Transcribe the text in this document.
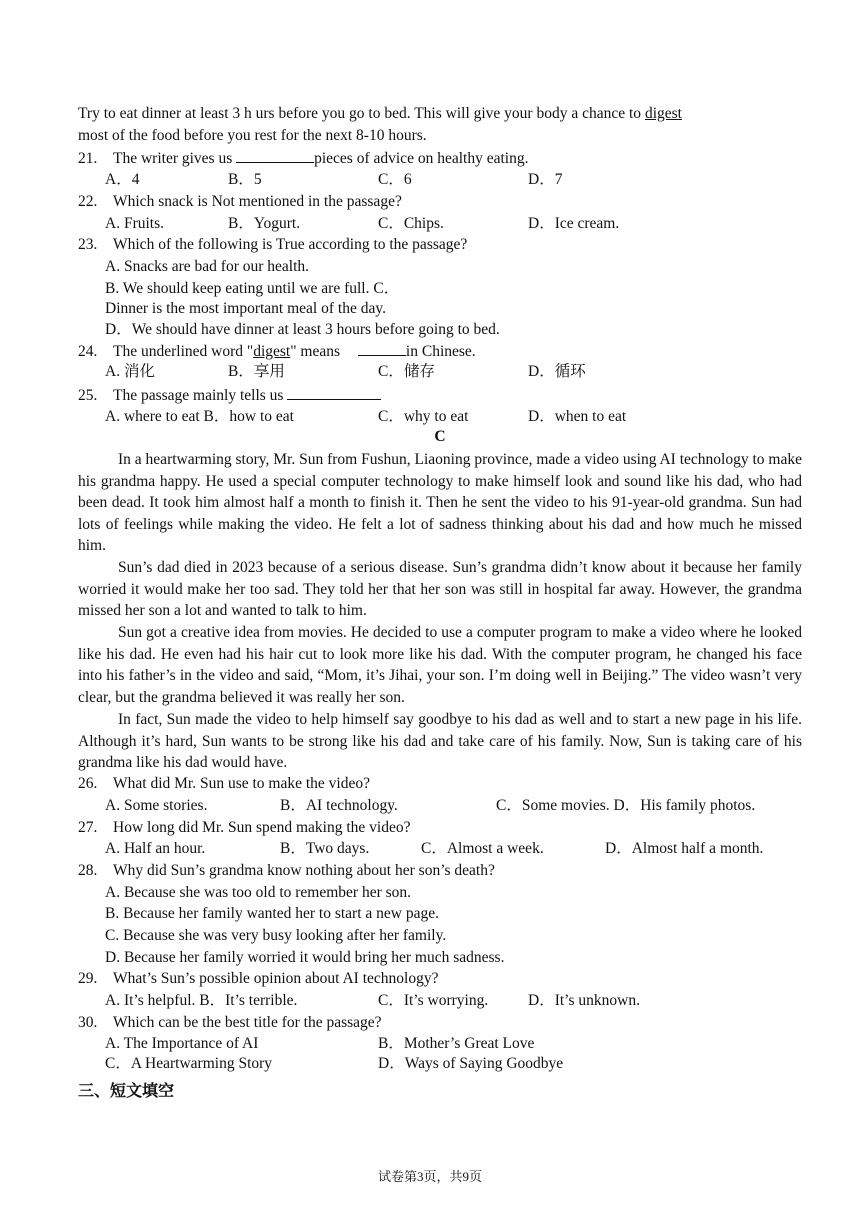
Try to eat dinner at least 3 h urs before you go to bed. This will give your body a chance to digest
most of the food before you rest for the next 8-10 hours.
21. The writer gives us	pieces of advice on healthy eating.
A．4	B．5	C．6	D．7
22. Which snack is Not mentioned in the passage?
A. Fruits.	B．Yogurt.	C．Chips.	D．Ice cream.
23. Which of the following is True according to the passage?
A. Snacks are bad for our health.
B. We should keep eating until we are full. C．
Dinner is the most important meal of the day.
D．We should have dinner at least 3 hours before going to bed.
24. The underlined word "digest" means	in Chinese.
A. 消化	B．享用	C．储存	D．循环
25. The passage mainly tells us
A. where to eat B．how to eat	C．why to eat	D．when to eat
C
In a heartwarming story, Mr. Sun from Fushun, Liaoning province, made a video using AI technology to make his grandma happy. He used a special computer technology to make himself look and sound like his dad, who had been dead. It took him almost half a month to finish it. Then he sent the video to his 91-year-old grandma. Sun had lots of feelings while making the video. He felt a lot of sadness thinking about his dad and how much he missed him.
Sun’s dad died in 2023 because of a serious disease. Sun’s grandma didn’t know about it because her family worried it would make her too sad. They told her that her son was still in hospital far away. However, the grandma missed her son a lot and wanted to talk to him.
Sun got a creative idea from movies. He decided to use a computer program to make a video where he looked like his dad. He even had his hair cut to look more like his dad. With the computer program, he changed his face into his father’s in the video and said, “Mom, it’s Jihai, your son. I’m doing well in Beijing.” The video wasn’t very clear, but the grandma believed it was really her son.
In fact, Sun made the video to help himself say goodbye to his dad as well and to start a new page in his life. Although it’s hard, Sun wants to be strong like his dad and take care of his family. Now, Sun is taking care of his grandma like his dad would have.
26. What did Mr. Sun use to make the video?
A. Some stories.	B．AI technology.	C．Some movies. D．His family photos.
27. How long did Mr. Sun spend making the video?
A. Half an hour.	B．Two days.	C．Almost a week.	D．Almost half a month.
28. Why did Sun’s grandma know nothing about her son’s death?
A. Because she was too old to remember her son.
B. Because her family wanted her to start a new page.
C. Because she was very busy looking after her family.
D. Because her family worried it would bring her much sadness.
29. What’s Sun’s possible opinion about AI technology?
A. It’s helpful. B．It’s terrible.	C．It’s worrying.	D．It’s unknown.
30. Which can be the best title for the passage?
A. The Importance of AI	B．Mother’s Great Love
C．A Heartwarming Story	D．Ways of Saying Goodbye
三、短文填空
试卷第3页，共9页
